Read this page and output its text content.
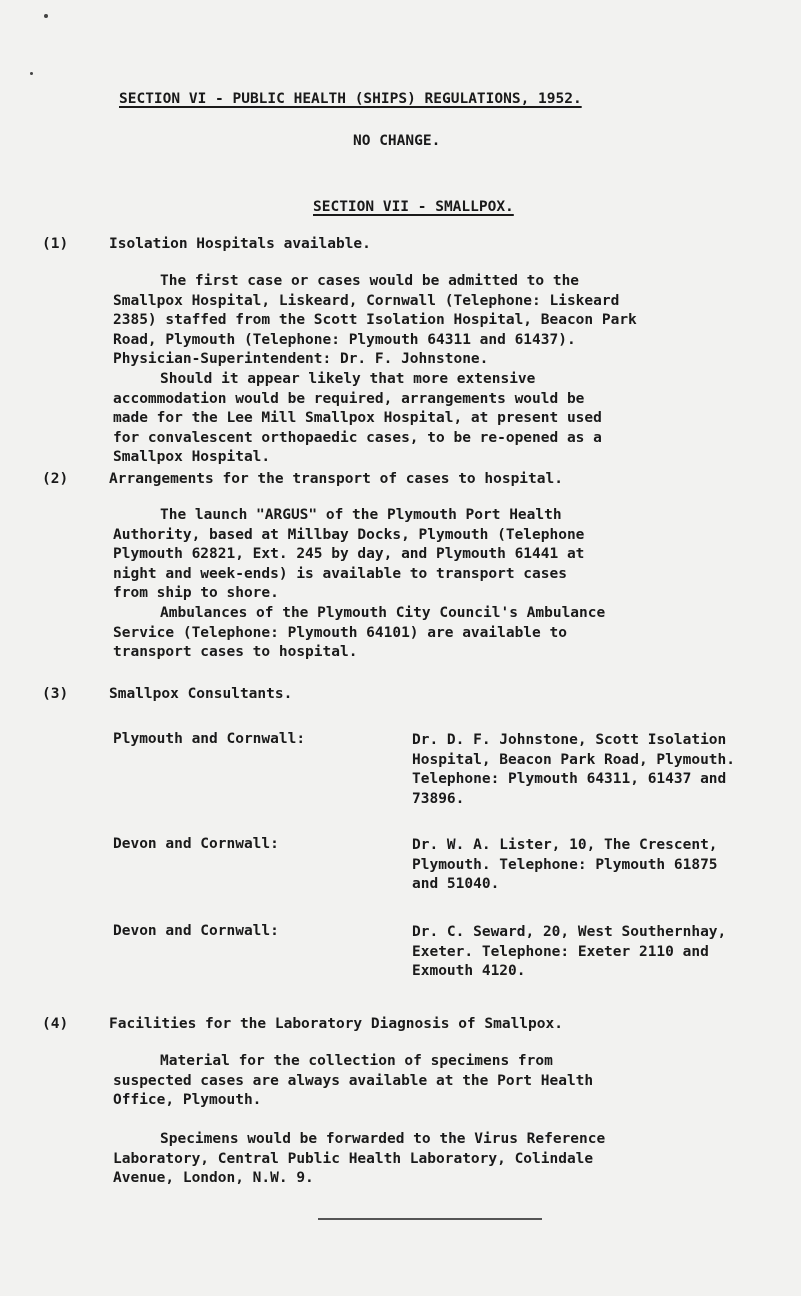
SECTION VI - PUBLIC HEALTH (SHIPS) REGULATIONS, 1952.
NO CHANGE.
SECTION VII - SMALLPOX.
(1)	Isolation Hospitals available.
The first case or cases would be admitted to the
Smallpox Hospital, Liskeard, Cornwall (Telephone: Liskeard
2385) staffed from the Scott Isolation Hospital, Beacon Park
Road, Plymouth (Telephone: Plymouth 64311 and 61437).
Physician-Superintendent: Dr. F. Johnstone.
Should it appear likely that more extensive
accommodation would be required, arrangements would be
made for the Lee Mill Smallpox Hospital, at present used
for convalescent orthopaedic cases, to be re-opened as a
Smallpox Hospital.
(2)	Arrangements for the transport of cases to hospital.
The launch "ARGUS" of the Plymouth Port Health
Authority, based at Millbay Docks, Plymouth (Telephone
Plymouth 62821, Ext. 245 by day, and Plymouth 61441 at
night and week-ends) is available to transport cases
from ship to shore.
Ambulances of the Plymouth City Council's Ambulance
Service (Telephone: Plymouth 64101) are available to
transport cases to hospital.
(3)	Smallpox Consultants.
Plymouth and Cornwall:	Dr. D. F. Johnstone, Scott Isolation
Hospital, Beacon Park Road, Plymouth.
Telephone: Plymouth 64311, 61437 and
73896.
Devon and Cornwall:	Dr. W. A. Lister, 10, The Crescent,
Plymouth. Telephone: Plymouth 61875
and 51040.
Devon and Cornwall:	Dr. C. Seward, 20, West Southernhay,
Exeter. Telephone: Exeter 2110 and
Exmouth 4120.
(4)	Facilities for the Laboratory Diagnosis of Smallpox.
Material for the collection of specimens from
suspected cases are always available at the Port Health
Office, Plymouth.
Specimens would be forwarded to the Virus Reference
Laboratory, Central Public Health Laboratory, Colindale
Avenue, London, N.W. 9.
